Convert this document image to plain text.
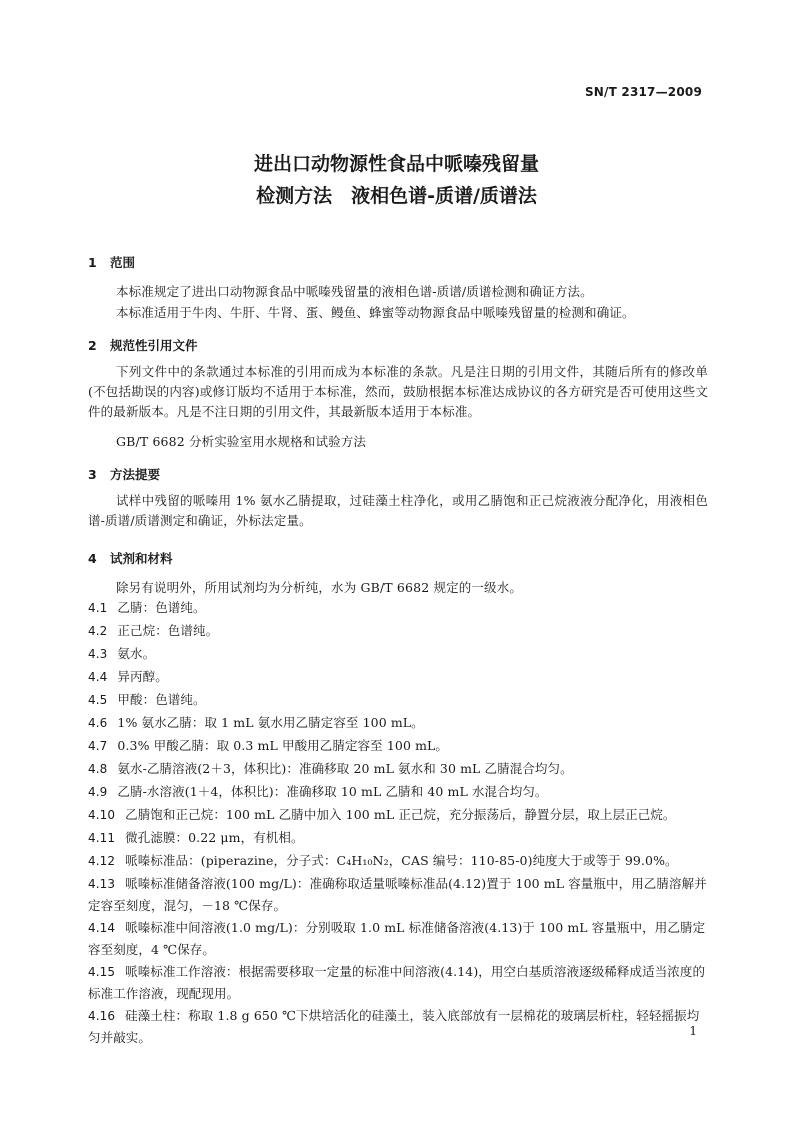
SN/T 2317—2009
进出口动物源性食品中哌嗪残留量
检测方法　液相色谱-质谱/质谱法
1 范围
本标准规定了进出口动物源食品中哌嗪残留量的液相色谱-质谱/质谱检测和确证方法。
本标准适用于牛肉、牛肝、牛肾、蛋、鳗鱼、蜂蜜等动物源食品中哌嗪残留量的检测和确证。
2 规范性引用文件
下列文件中的条款通过本标准的引用而成为本标准的条款。凡是注日期的引用文件，其随后所有的修改单(不包括勘误的内容)或修订版均不适用于本标准，然而，鼓励根据本标准达成协议的各方研究是否可使用这些文件的最新版本。凡是不注日期的引用文件，其最新版本适用于本标准。
GB/T 6682 分析实验室用水规格和试验方法
3 方法提要
试样中残留的哌嗪用 1% 氨水乙腈提取，过硅藻土柱净化，或用乙腈饱和正己烷液液分配净化，用液相色谱-质谱/质谱测定和确证，外标法定量。
4 试剂和材料
除另有说明外，所用试剂均为分析纯，水为 GB/T 6682 规定的一级水。
4.1 乙腈：色谱纯。
4.2 正己烷：色谱纯。
4.3 氨水。
4.4 异丙醇。
4.5 甲酸：色谱纯。
4.6 1% 氨水乙腈：取 1 mL 氨水用乙腈定容至 100 mL。
4.7 0.3% 甲酸乙腈：取 0.3 mL 甲酸用乙腈定容至 100 mL。
4.8 氨水-乙腈溶液(2＋3，体积比)：准确移取 20 mL 氨水和 30 mL 乙腈混合均匀。
4.9 乙腈-水溶液(1＋4，体积比)：准确移取 10 mL 乙腈和 40 mL 水混合均匀。
4.10 乙腈饱和正己烷：100 mL 乙腈中加入 100 mL 正己烷，充分振荡后，静置分层，取上层正己烷。
4.11 微孔滤膜：0.22 μm，有机相。
4.12 哌嗪标准品：(piperazine，分子式：C₄H₁₀N₂，CAS 编号：110-85-0)纯度大于或等于 99.0%。
4.13 哌嗪标准储备溶液(100 mg/L)：准确称取适量哌嗪标准品(4.12)置于 100 mL 容量瓶中，用乙腈溶解并定容至刻度，混匀，－18 ℃保存。
4.14 哌嗪标准中间溶液(1.0 mg/L)：分别吸取 1.0 mL 标准储备溶液(4.13)于 100 mL 容量瓶中，用乙腈定容至刻度，4 ℃保存。
4.15 哌嗪标准工作溶液：根据需要移取一定量的标准中间溶液(4.14)，用空白基质溶液逐级稀释成适当浓度的标准工作溶液，现配现用。
4.16 硅藻土柱：称取 1.8 g 650 ℃下烘培活化的硅藻土，装入底部放有一层棉花的玻璃层析柱，轻轻摇振均匀并敲实。	1
